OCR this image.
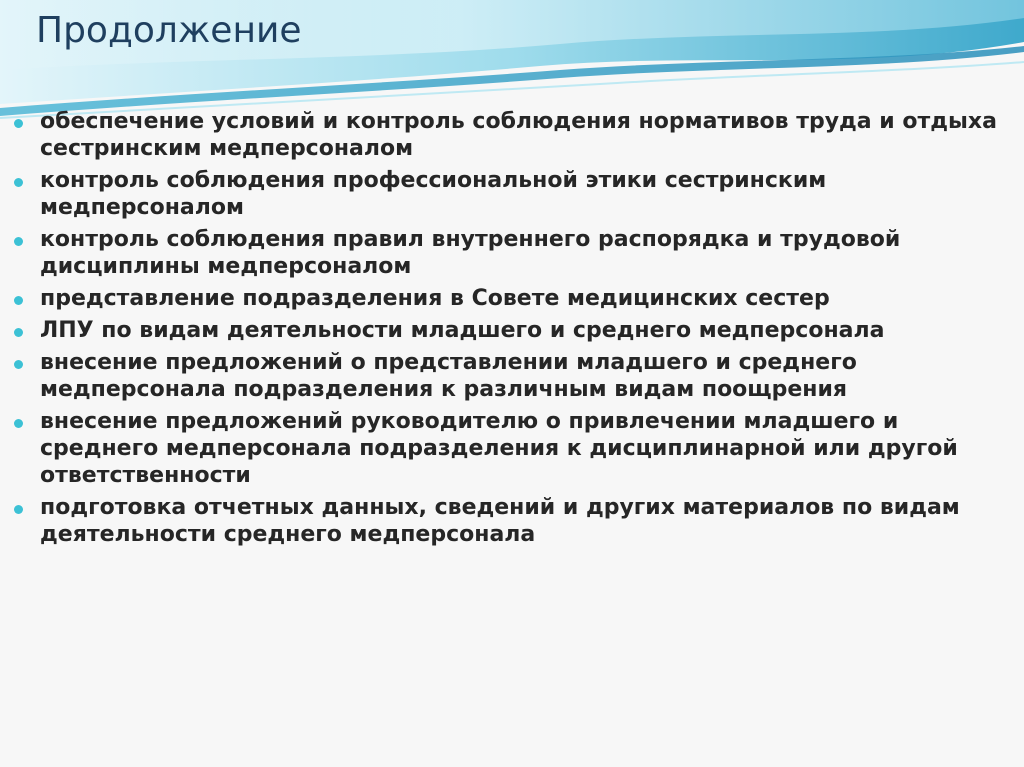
Продолжение
обеспечение условий и контроль соблюдения нормативов труда и отдыха сестринским медперсоналом
контроль соблюдения профессиональной этики сестринским медперсоналом
контроль соблюдения правил внутреннего распорядка и трудовой дисциплины медперсоналом
представление подразделения в Совете медицинских сестер
ЛПУ по видам деятельности младшего и среднего медперсонала
внесение предложений о представлении младшего и среднего медперсонала подразделения к различным видам поощрения
внесение предложений руководителю о привлечении младшего и среднего медперсонала подразделения к дисциплинарной или другой ответственности
подготовка отчетных данных, сведений и других материалов по видам деятельности среднего медперсонала
